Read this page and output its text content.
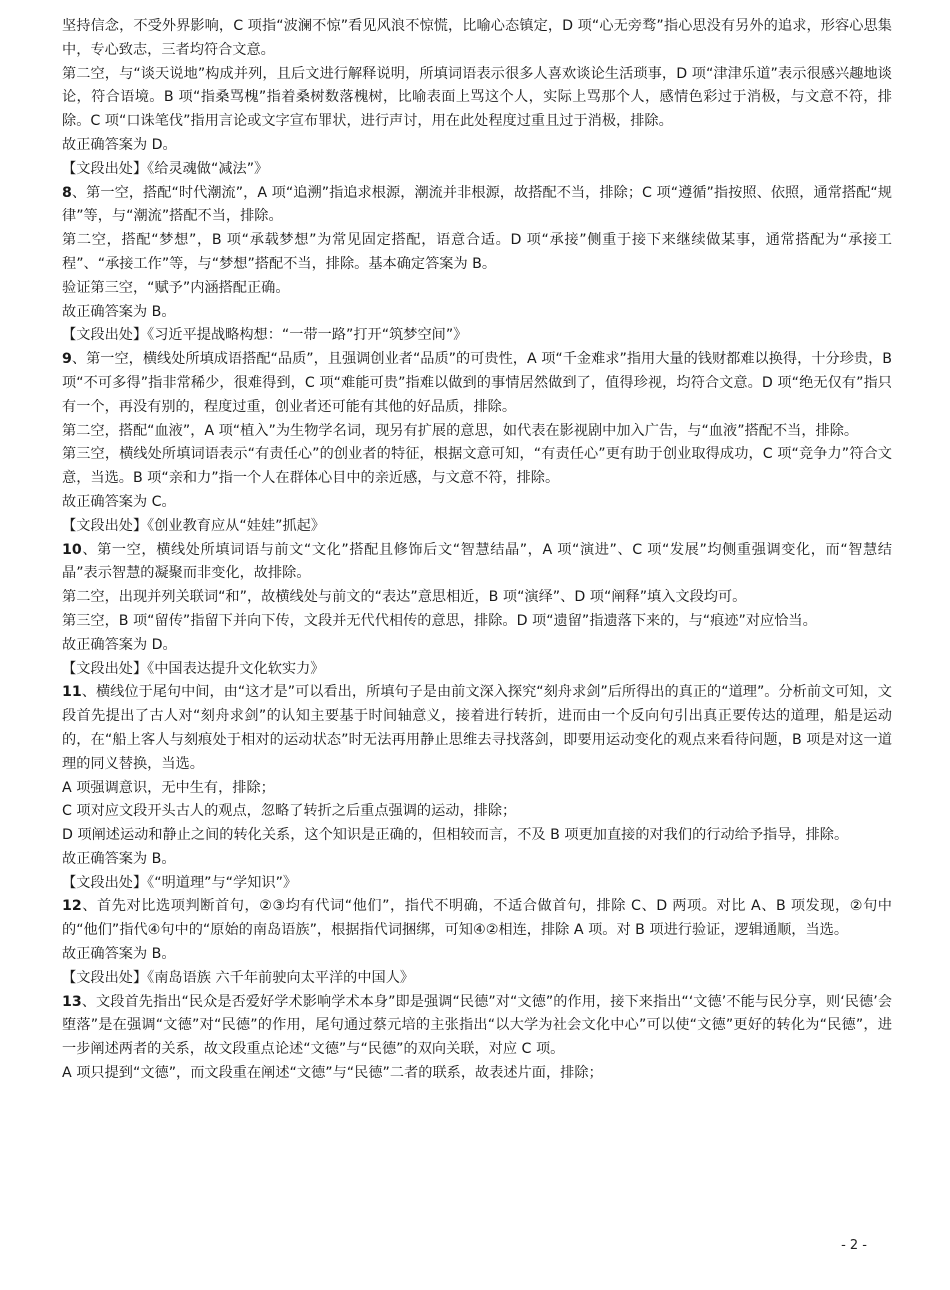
坚持信念，不受外界影响，C 项指“波澜不惊”看见风浪不惊慌，比喻心态镇定，D 项“心无旁骛”指心思没有另外的追求，形容心思集中，专心致志，三者均符合文意。

第二空，与“谈天说地”构成并列，且后文进行解释说明，所填词语表示很多人喜欢谈论生活琐事，D 项“津津乐道”表示很感兴趣地谈论，符合语境。B 项“指桑骂槐”指着桑树数落槐树，比喻表面上骂这个人，实际上骂那个人，感情色彩过于消极，与文意不符，排除。C 项“口诛笔伐”指用言论或文字宣布罪状，进行声讨，用在此处程度过重且过于消极，排除。

故正确答案为 D。

【文段出处】《给灵魂做“减法”》

8、第一空，搭配“时代潮流”，A 项“追溯”指追求根源，潮流并非根源，故搭配不当，排除；C 项“遵循”指按照、依照，通常搭配“规律”等，与“潮流”搭配不当，排除。

第二空，搭配“梦想”，B 项“承载梦想”为常见固定搭配，语意合适。D 项“承接”侧重于接下来继续做某事，通常搭配为“承接工程”、“承接工作”等，与“梦想”搭配不当，排除。基本确定答案为 B。

验证第三空，“赋予”内涵搭配正确。

故正确答案为 B。

【文段出处】《习近平提战略构想：“一带一路”打开“筑梦空间”》

9、第一空，横线处所填成语搭配“品质”，且强调创业者“品质”的可贵性，A 项“千金难求”指用大量的钱财都难以换得，十分珍贵，B 项“不可多得”指非常稀少，很难得到，C 项“难能可贵”指难以做到的事情居然做到了，值得珍视，均符合文意。D 项“绝无仅有”指只有一个，再没有别的，程度过重，创业者还可能有其他的好品质，排除。

第二空，搭配“血液”，A 项“植入”为生物学名词，现另有扩展的意思，如代表在影视剧中加入广告，与“血液”搭配不当，排除。

第三空，横线处所填词语表示“有责任心”的创业者的特征，根据文意可知，“有责任心”更有助于创业取得成功，C 项“竞争力”符合文意，当选。B 项“亲和力”指一个人在群体心目中的亲近感，与文意不符，排除。

故正确答案为 C。

【文段出处】《创业教育应从“娃娃”抓起》

10、第一空，横线处所填词语与前文“文化”搭配且修饰后文“智慧结晶”，A 项“演进”、C 项“发展”均侧重强调变化，而“智慧结晶”表示智慧的凝聚而非变化，故排除。

第二空，出现并列关联词“和”，故横线处与前文的“表达”意思相近，B 项“演绎”、D 项“阐释”填入文段均可。

第三空，B 项“留传”指留下并向下传，文段并无代代相传的意思，排除。D 项“遗留”指遗落下来的，与“痕迹”对应恰当。

故正确答案为 D。

【文段出处】《中国表达提升文化软实力》

11、横线位于尾句中间，由“这才是”可以看出，所填句子是由前文深入探究“刻舟求剑”后所得出的真正的“道理”。分析前文可知，文段首先提出了古人对“刻舟求剑”的认知主要基于时间轴意义，接着进行转折，进而由一个反向句引出真正要传达的道理，船是运动的，在“船上客人与刻痕处于相对的运动状态”时无法再用静止思维去寻找落剑，即要用运动变化的观点来看待问题，B 项是对这一道理的同义替换，当选。

A 项强调意识，无中生有，排除；

C 项对应文段开头古人的观点，忽略了转折之后重点强调的运动，排除；

D 项阐述运动和静止之间的转化关系，这个知识是正确的，但相较而言，不及 B 项更加直接的对我们的行动给予指导，排除。

故正确答案为 B。

【文段出处】《“明道理”与“学知识”》

12、首先对比选项判断首句，②③均有代词“他们”，指代不明确，不适合做首句，排除 C、D 两项。对比 A、B 项发现，②句中的“他们”指代④句中的“原始的南岛语族”，根据指代词捆绑，可知④②相连，排除 A 项。对 B 项进行验证，逻辑通顺，当选。

故正确答案为 B。

【文段出处】《南岛语族 六千年前驶向太平洋的中国人》

13、文段首先指出“民众是否爱好学术影响学术本身”即是强调“民德”对“文德”的作用，接下来指出“‘文德’不能与民分享，则‘民德’会堕落”是在强调“文德”对“民德”的作用，尾句通过蔡元培的主张指出“以大学为社会文化中心”可以使“文德”更好的转化为“民德”，进一步阐述两者的关系，故文段重点论述“文德”与“民德”的双向关联，对应 C 项。

A 项只提到“文德”，而文段重在阐述“文德”与“民德”二者的联系，故表述片面，排除；

- 2 -
